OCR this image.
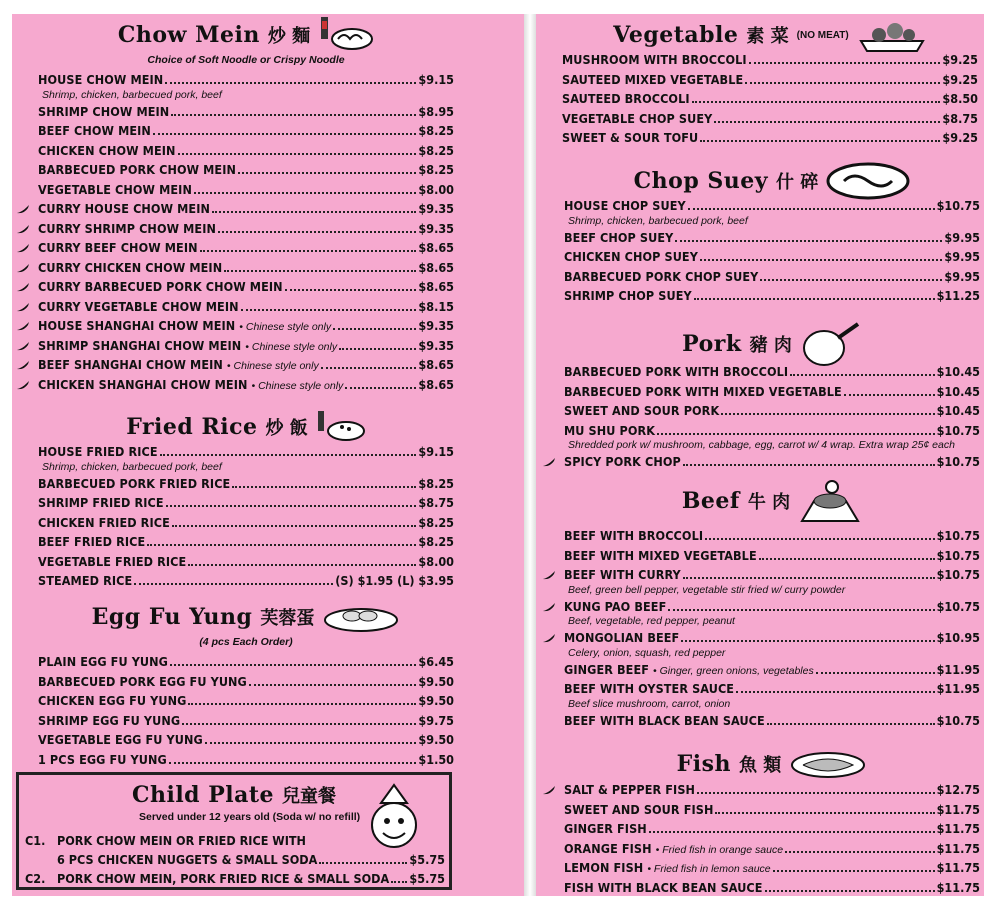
Chow Mein 炒 麵
Choice of Soft Noodle or Crispy Noodle
HOUSE CHOW MEIN	$9.15
Shrimp, chicken, barbecued pork, beef
SHRIMP CHOW MEIN	$8.95
BEEF CHOW MEIN	$8.25
CHICKEN CHOW MEIN	$8.25
BARBECUED PORK CHOW MEIN	$8.25
VEGETABLE CHOW MEIN	$8.00
CURRY HOUSE CHOW MEIN	$9.35
CURRY SHRIMP CHOW MEIN	$9.35
CURRY BEEF CHOW MEIN	$8.65
CURRY CHICKEN CHOW MEIN	$8.65
CURRY BARBECUED PORK CHOW MEIN	$8.65
CURRY VEGETABLE CHOW MEIN	$8.15
HOUSE SHANGHAI CHOW MEIN • Chinese style only	$9.35
SHRIMP SHANGHAI CHOW MEIN • Chinese style only	$9.35
BEEF SHANGHAI CHOW MEIN • Chinese style only	$8.65
CHICKEN SHANGHAI CHOW MEIN • Chinese style only	$8.65
Fried Rice 炒 飯
HOUSE FRIED RICE	$9.15
Shrimp, chicken, barbecued pork, beef
BARBECUED PORK FRIED RICE	$8.25
SHRIMP FRIED RICE	$8.75
CHICKEN FRIED RICE	$8.25
BEEF FRIED RICE	$8.25
VEGETABLE FRIED RICE	$8.00
STEAMED RICE	(S) $1.95 (L) $3.95
Egg Fu Yung 芙蓉蛋
(4 pcs Each Order)
PLAIN EGG FU YUNG	$6.45
BARBECUED PORK EGG FU YUNG	$9.50
CHICKEN EGG FU YUNG	$9.50
SHRIMP EGG FU YUNG	$9.75
VEGETABLE EGG FU YUNG	$9.50
1 PCS EGG FU YUNG	$1.50
Child Plate 兒童餐
Served under 12 years old (Soda w/ no refill)
C1. PORK CHOW MEIN OR FRIED RICE WITH
6 PCS CHICKEN NUGGETS & SMALL SODA	$5.75
C2. PORK CHOW MEIN, PORK FRIED RICE & SMALL SODA $5.75
Vegetable 素 菜 (NO MEAT)
MUSHROOM WITH BROCCOLI	$9.25
SAUTEED MIXED VEGETABLE	$9.25
SAUTEED BROCCOLI	$8.50
VEGETABLE CHOP SUEY	$8.75
SWEET & SOUR TOFU	$9.25
Chop Suey 什 碎
HOUSE CHOP SUEY	$10.75
Shrimp, chicken, barbecued pork, beef
BEEF CHOP SUEY	$9.95
CHICKEN CHOP SUEY	$9.95
BARBECUED PORK CHOP SUEY	$9.95
SHRIMP CHOP SUEY	$11.25
Pork 豬 肉
BARBECUED PORK WITH BROCCOLI	$10.45
BARBECUED PORK WITH MIXED VEGETABLE	$10.45
SWEET AND SOUR PORK	$10.45
MU SHU PORK	$10.75
Shredded pork w/ mushroom, cabbage, egg, carrot w/ 4 wrap. Extra wrap 25¢ each
SPICY PORK CHOP	$10.75
Beef 牛 肉
BEEF WITH BROCCOLI	$10.75
BEEF WITH MIXED VEGETABLE	$10.75
BEEF WITH CURRY	$10.75
Beef, green bell pepper, vegetable stir fried w/ curry powder
KUNG PAO BEEF	$10.75
Beef, vegetable, red pepper, peanut
MONGOLIAN BEEF	$10.95
Celery, onion, squash, red pepper
GINGER BEEF • Ginger, green onions, vegetables	$11.95
BEEF WITH OYSTER SAUCE	$11.95
Beef slice mushroom, carrot, onion
BEEF WITH BLACK BEAN SAUCE	$10.75
Fish 魚 類
SALT & PEPPER FISH	$12.75
SWEET AND SOUR FISH	$11.75
GINGER FISH	$11.75
ORANGE FISH • Fried fish in orange sauce	$11.75
LEMON FISH • Fried fish in lemon sauce	$11.75
FISH WITH BLACK BEAN SAUCE	$11.75
